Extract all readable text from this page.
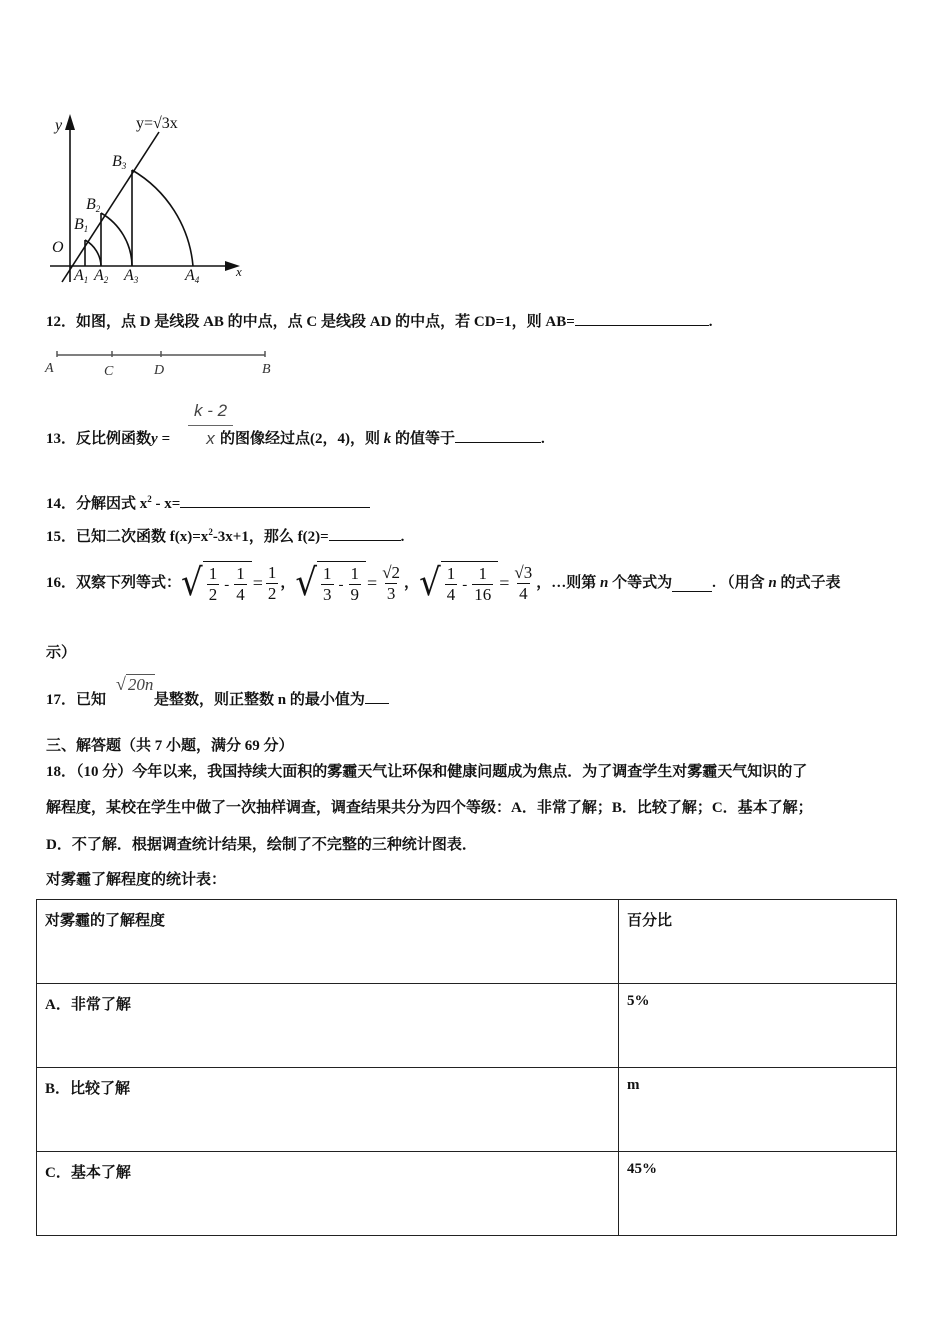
y
O
x
B1
B2
B3
A1 A2 A3	A4
y=√3x
12．如图，点 D 是线段 AB 的中点，点 C 是线段 AD 的中点，若 CD=1，则 AB=	.
A	C	D	B
k - 2
x
13．反比例函数y =	的图像经过点(2，4)，则 k 的值等于	.
14．分解因式 $x^2 - x=$
15．已知二次函数 $f(x)=x^2-3x+1$，那么 f(2)=	.
16． 双察下列等式： √ $\frac{1}{2} - \frac{1}{4} = \frac{1}{2}$ ， √ $\frac{1}{3} - \frac{1}{9} = \frac{√2}{3}$ ， √ $\frac{1}{4} - \frac{1}{16} = \frac{√3}{4}$ ，…则第
n
个等式为	. （用含
n
的式子表
示）
17．已知	是整数，则正整数 n 的最小值为
√ 20n
三、解答题（共 7 小题，满分 69 分）
18．（10 分）今年以来，我国持续大面积的雾霾天气让环保和健康问题成为焦点．为了调查学生对雾霾天气知识的了
解程度，某校在学生中做了一次抽样调查，调查结果共分为四个等级：A．非常了解；B．比较了解；C．基本了解；
D．不了解．根据调查统计结果，绘制了不完整的三种统计图表．
对雾霾了解程度的统计表：
对雾霾的了解程度	百分比
A．非常了解	5%
B．比较了解	m
C．基本了解	45%
